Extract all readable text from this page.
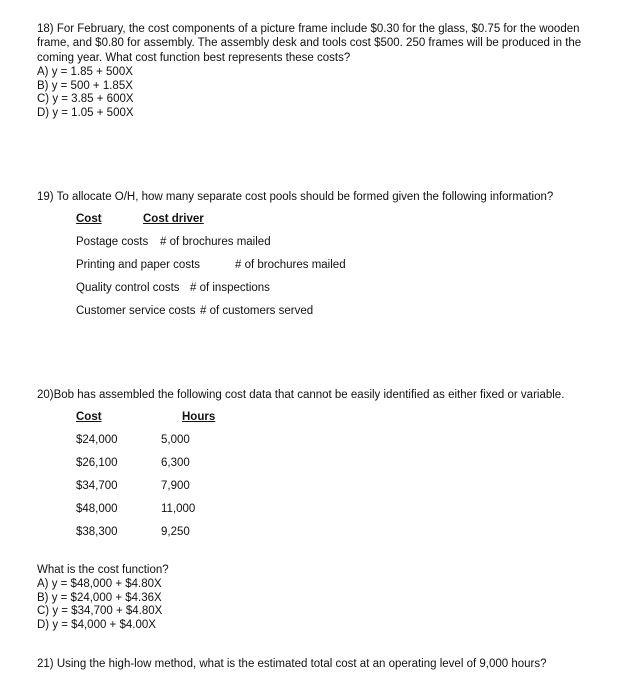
18) For February, the cost components of a picture frame include $0.30 for the glass, $0.75 for the wooden frame, and $0.80 for assembly. The assembly desk and tools cost $500. 250 frames will be produced in the coming year. What cost function best represents these costs?
A) y = 1.85 + 500X
B) y = 500 + 1.85X
C) y = 3.85 + 600X
D) y = 1.05 + 500X
19) To allocate O/H, how many separate cost pools should be formed given the following information?
Cost	Cost driver
Postage costs # of brochures mailed
Printing and paper costs	# of brochures mailed
Quality control costs # of inspections
Customer service costs # of customers served
20)Bob has assembled the following cost data that cannot be easily identified as either fixed or variable.
Cost	Hours
$24,000	5,000
$26,100	6,300
$34,700	7,900
$48,000	11,000
$38,300	9,250
What is the cost function?
A) y = $48,000 + $4.80X
B) y = $24,000 + $4.36X
C) y = $34,700 + $4.80X
D) y = $4,000 + $4.00X
21) Using the high-low method, what is the estimated total cost at an operating level of 9,000 hours?
